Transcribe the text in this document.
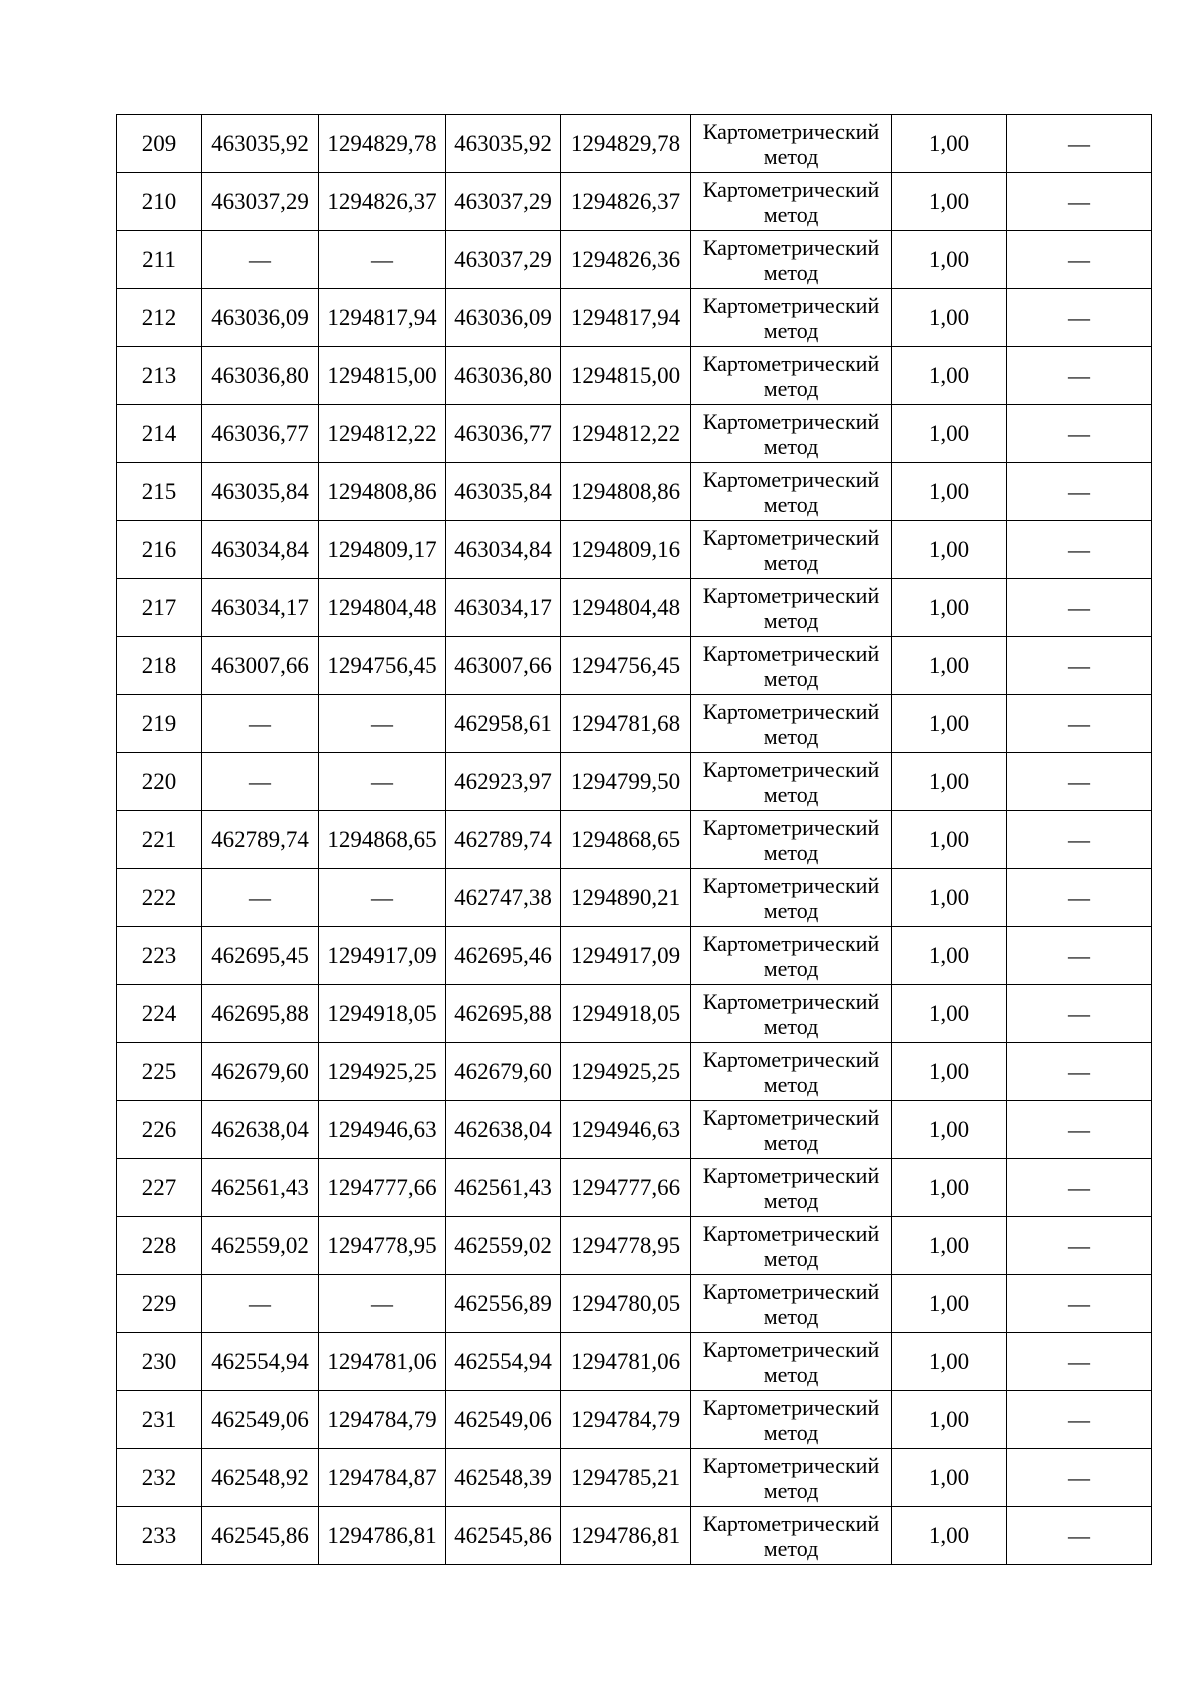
209	463035,92	1294829,78	463035,92	1294829,78	Картометрический
метод	1,00	—
210	463037,29	1294826,37	463037,29	1294826,37	Картометрический
метод	1,00	—
211	—	—	463037,29	1294826,36	Картометрический
метод	1,00	—
212	463036,09	1294817,94	463036,09	1294817,94	Картометрический
метод	1,00	—
213	463036,80	1294815,00	463036,80	1294815,00	Картометрический
метод	1,00	—
214	463036,77	1294812,22	463036,77	1294812,22	Картометрический
метод	1,00	—
215	463035,84	1294808,86	463035,84	1294808,86	Картометрический
метод	1,00	—
216	463034,84	1294809,17	463034,84	1294809,16	Картометрический
метод	1,00	—
217	463034,17	1294804,48	463034,17	1294804,48	Картометрический
метод	1,00	—
218	463007,66	1294756,45	463007,66	1294756,45	Картометрический
метод	1,00	—
219	—	—	462958,61	1294781,68	Картометрический
метод	1,00	—
220	—	—	462923,97	1294799,50	Картометрический
метод	1,00	—
221	462789,74	1294868,65	462789,74	1294868,65	Картометрический
метод	1,00	—
222	—	—	462747,38	1294890,21	Картометрический
метод	1,00	—
223	462695,45	1294917,09	462695,46	1294917,09	Картометрический
метод	1,00	—
224	462695,88	1294918,05	462695,88	1294918,05	Картометрический
метод	1,00	—
225	462679,60	1294925,25	462679,60	1294925,25	Картометрический
метод	1,00	—
226	462638,04	1294946,63	462638,04	1294946,63	Картометрический
метод	1,00	—
227	462561,43	1294777,66	462561,43	1294777,66	Картометрический
метод	1,00	—
228	462559,02	1294778,95	462559,02	1294778,95	Картометрический
метод	1,00	—
229	—	—	462556,89	1294780,05	Картометрический
метод	1,00	—
230	462554,94	1294781,06	462554,94	1294781,06	Картометрический
метод	1,00	—
231	462549,06	1294784,79	462549,06	1294784,79	Картометрический
метод	1,00	—
232	462548,92	1294784,87	462548,39	1294785,21	Картометрический
метод	1,00	—
233	462545,86	1294786,81	462545,86	1294786,81	Картометрический
метод	1,00	—
